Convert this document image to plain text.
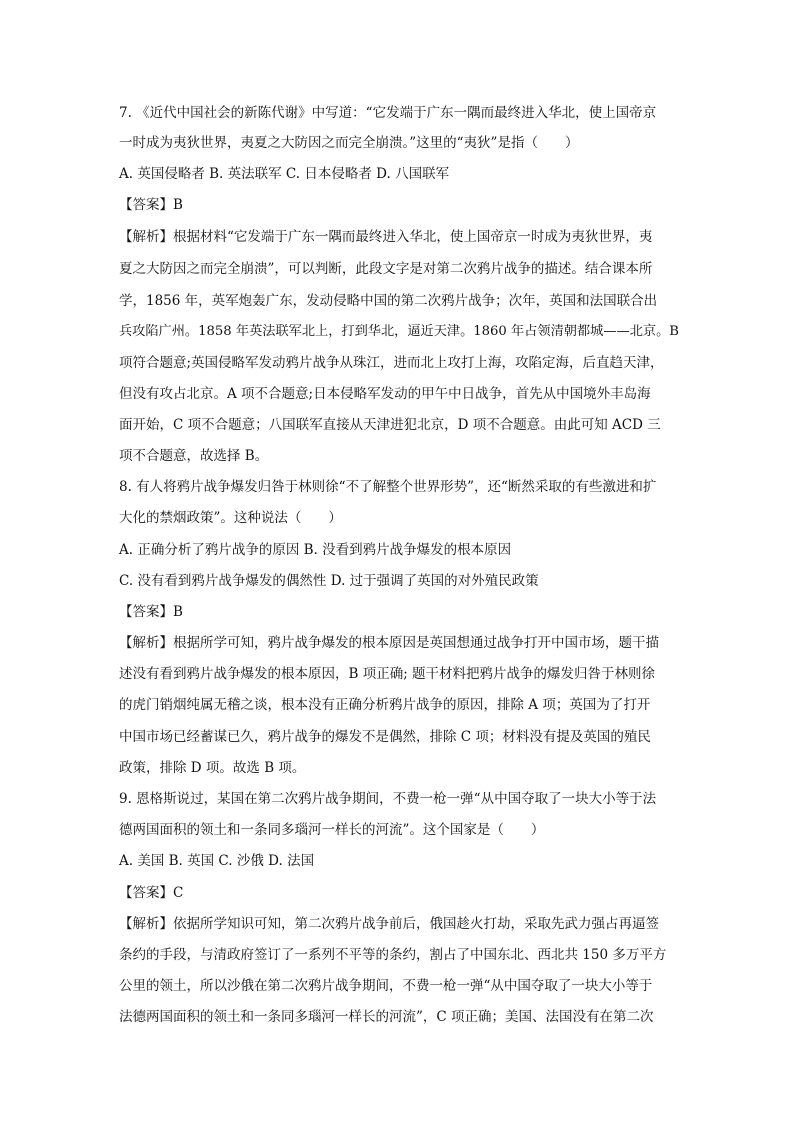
7. 《近代中国社会的新陈代谢》中写道：“它发端于广东一隅而最终进入华北，使上国帝京
一时成为夷狄世界，夷夏之大防因之而完全崩溃。”这里的“夷狄”是指（　　）
A. 英国侵略者 B. 英法联军 C. 日本侵略者 D. 八国联军
【答案】B
【解析】根据材料“它发端于广东一隅而最终进入华北，使上国帝京一时成为夷狄世界，夷
夏之大防因之而完全崩溃”，可以判断，此段文字是对第二次鸦片战争的描述。结合课本所
学，1856 年，英军炮轰广东，发动侵略中国的第二次鸦片战争；次年，英国和法国联合出
兵攻陷广州。1858 年英法联军北上，打到华北，逼近天津。1860 年占领清朝都城——北京。B
项符合题意;英国侵略军发动鸦片战争从珠江，进而北上攻打上海，攻陷定海，后直趋天津，
但没有攻占北京。A 项不合题意;日本侵略军发动的甲午中日战争，首先从中国境外丰岛海
面开始，C 项不合题意；八国联军直接从天津进犯北京，D 项不合题意。由此可知 ACD 三
项不合题意，故选择 B。
8. 有人将鸦片战争爆发归咎于林则徐“不了解整个世界形势”，还“断然采取的有些激进和扩
大化的禁烟政策”。这种说法（　　）
A. 正确分析了鸦片战争的原因 B. 没看到鸦片战争爆发的根本原因
C. 没有看到鸦片战争爆发的偶然性 D. 过于强调了英国的对外殖民政策
【答案】B
【解析】根据所学可知，鸦片战争爆发的根本原因是英国想通过战争打开中国市场，题干描
述没有看到鸦片战争爆发的根本原因，B 项正确; 题干材料把鸦片战争的爆发归咎于林则徐
的虎门销烟纯属无稽之谈，根本没有正确分析鸦片战争的原因，排除 A 项；英国为了打开
中国市场已经蓄谋已久，鸦片战争的爆发不是偶然，排除 C 项；材料没有提及英国的殖民
政策，排除 D 项。故选 B 项。
9. 恩格斯说过，某国在第二次鸦片战争期间，不费一枪一弹“从中国夺取了一块大小等于法
德两国面积的领土和一条同多瑙河一样长的河流”。这个国家是（　　）
A. 美国 B. 英国 C. 沙俄 D. 法国
【答案】C
【解析】依据所学知识可知，第二次鸦片战争前后，俄国趁火打劫，采取先武力强占再逼签
条约的手段，与清政府签订了一系列不平等的条约，割占了中国东北、西北共 150 多万平方
公里的领土，所以沙俄在第二次鸦片战争期间，不费一枪一弹“从中国夺取了一块大小等于
法德两国面积的领土和一条同多瑙河一样长的河流”，C 项正确；美国、法国没有在第二次
